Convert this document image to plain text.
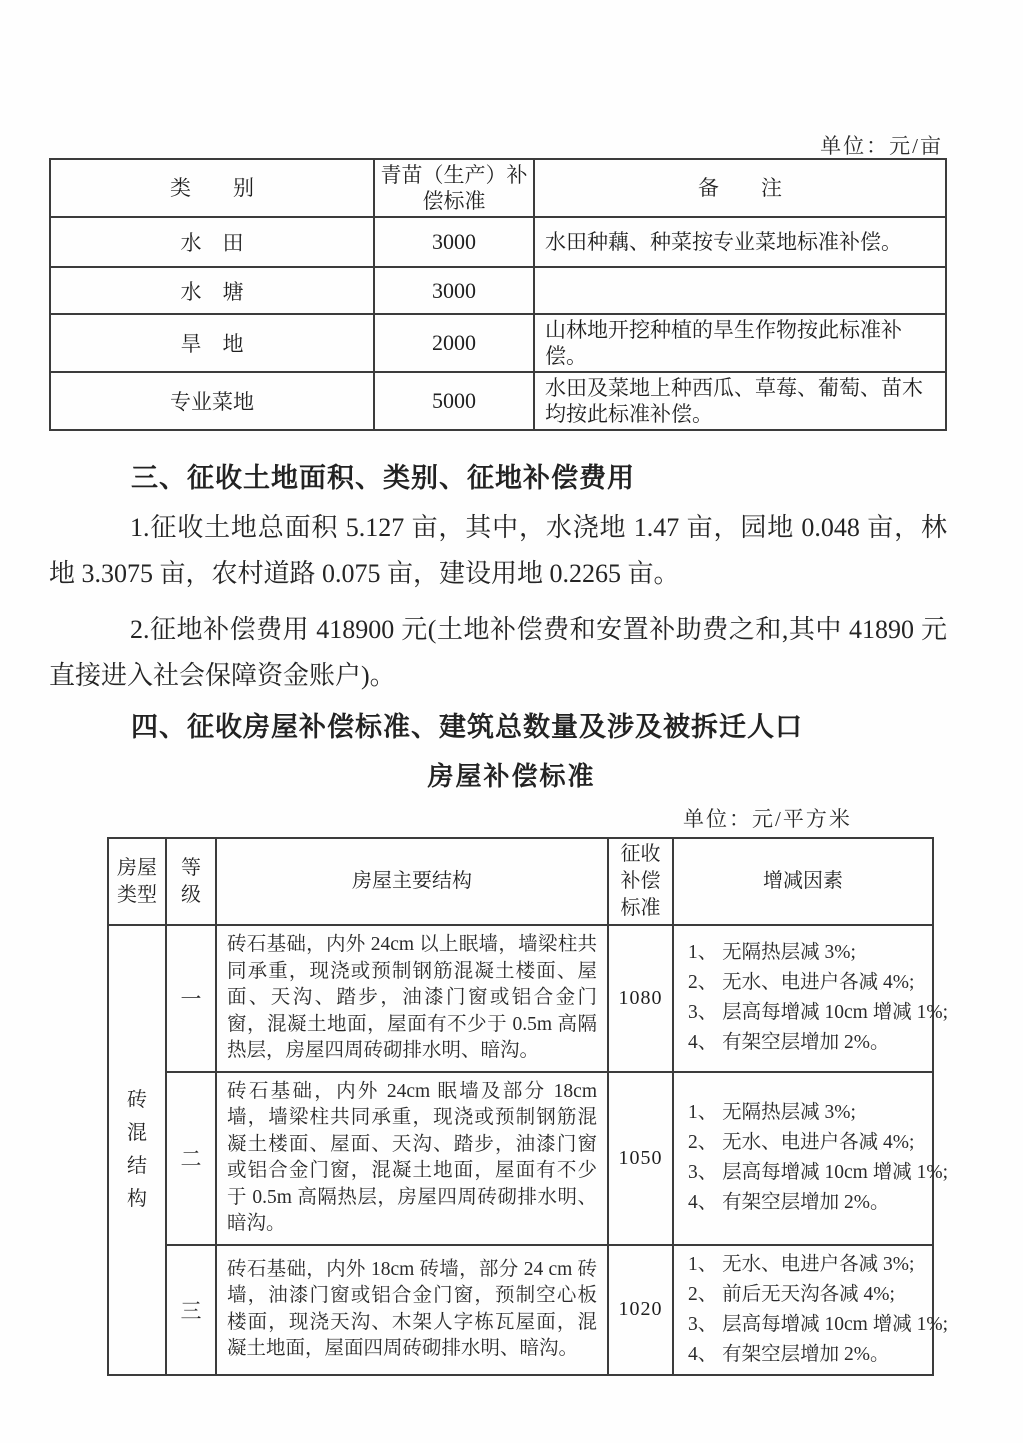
单位：元/亩
类　　别	青苗（生产）补偿标准	备　　注
水　田	3000	水田种藕、种菜按专业菜地标准补偿。
水　塘	3000	
旱　地	2000	山林地开挖种植的旱生作物按此标准补偿。
专业菜地	5000	水田及菜地上种西瓜、草莓、葡萄、苗木均按此标准补偿。
三、征收土地面积、类别、征地补偿费用
1.征收土地总面积 5.127 亩，其中，水浇地 1.47 亩，园地 0.048 亩，林地 3.3075 亩，农村道路 0.075 亩，建设用地 0.2265 亩。
2.征地补偿费用 418900 元(土地补偿费和安置补助费之和,其中 41890 元直接进入社会保障资金账户)。
四、征收房屋补偿标准、建筑总数量及涉及被拆迁人口
房屋补偿标准
单位：元/平方米
房屋类型	等级	房屋主要结构	征收补偿标准	增减因素

砖混结构	一	砖石基础，内外 24cm 以上眠墙，墙梁柱共同承重，现浇或预制钢筋混凝土楼面、屋面、天沟、踏步，油漆门窗或铝合金门窗，混凝土地面，屋面有不少于 0.5m 高隔热层，房屋四周砖砌排水明、暗沟。	1080	1、 无隔热层减 3%;
2、 无水、电进户各减 4%;
3、 层高每增减 10cm 增减 1%;
4、 有架空层增加 2%。

	二	砖石基础，内外 24cm 眠墙及部分 18cm 墙，墙梁柱共同承重，现浇或预制钢筋混凝土楼面、屋面、天沟、踏步，油漆门窗或铝合金门窗，混凝土地面，屋面有不少于 0.5m 高隔热层，房屋四周砖砌排水明、暗沟。	1050	1、 无隔热层减 3%;
2、 无水、电进户各减 4%;
3、 层高每增减 10cm 增减 1%;
4、 有架空层增加 2%。

	三	砖石基础，内外 18cm 砖墙，部分 24 cm 砖墙，油漆门窗或铝合金门窗，预制空心板楼面，现浇天沟、木架人字栋瓦屋面，混凝土地面，屋面四周砖砌排水明、暗沟。	1020	1、 无水、电进户各减 3%;
2、 前后无天沟各减 4%;
3、 层高每增减 10cm 增减 1%;
4、 有架空层增加 2%。
